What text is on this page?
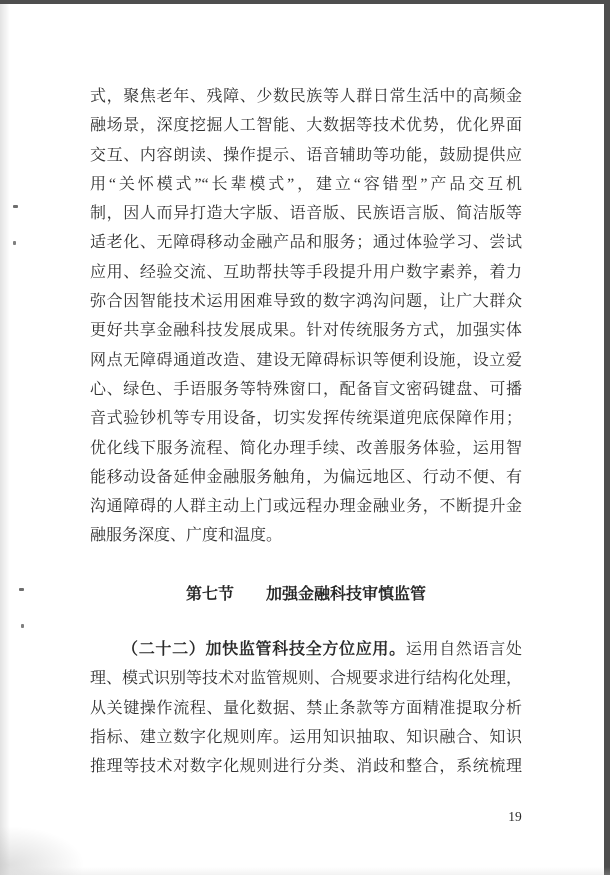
式，聚焦老年、残障、少数民族等人群日常生活中的高频金
融场景，深度挖掘人工智能、大数据等技术优势，优化界面
交互、内容朗读、操作提示、语音辅助等功能，鼓励提供应
用“关怀模式”“长辈模式”，建立“容错型”产品交互机
制，因人而异打造大字版、语音版、民族语言版、简洁版等
适老化、无障碍移动金融产品和服务；通过体验学习、尝试
应用、经验交流、互助帮扶等手段提升用户数字素养，着力
弥合因智能技术运用困难导致的数字鸿沟问题，让广大群众
更好共享金融科技发展成果。针对传统服务方式，加强实体
网点无障碍通道改造、建设无障碍标识等便利设施，设立爱
心、绿色、手语服务等特殊窗口，配备盲文密码键盘、可播
音式验钞机等专用设备，切实发挥传统渠道兜底保障作用；
优化线下服务流程、简化办理手续、改善服务体验，运用智
能移动设备延伸金融服务触角，为偏远地区、行动不便、有
沟通障碍的人群主动上门或远程办理金融业务，不断提升金
融服务深度、广度和温度。
第七节　　加强金融科技审慎监管
（二十二）加快监管科技全方位应用。运用自然语言处
理、模式识别等技术对监管规则、合规要求进行结构化处理，
从关键操作流程、量化数据、禁止条款等方面精准提取分析
指标、建立数字化规则库。运用知识抽取、知识融合、知识
推理等技术对数字化规则进行分类、消歧和整合，系统梳理
19
